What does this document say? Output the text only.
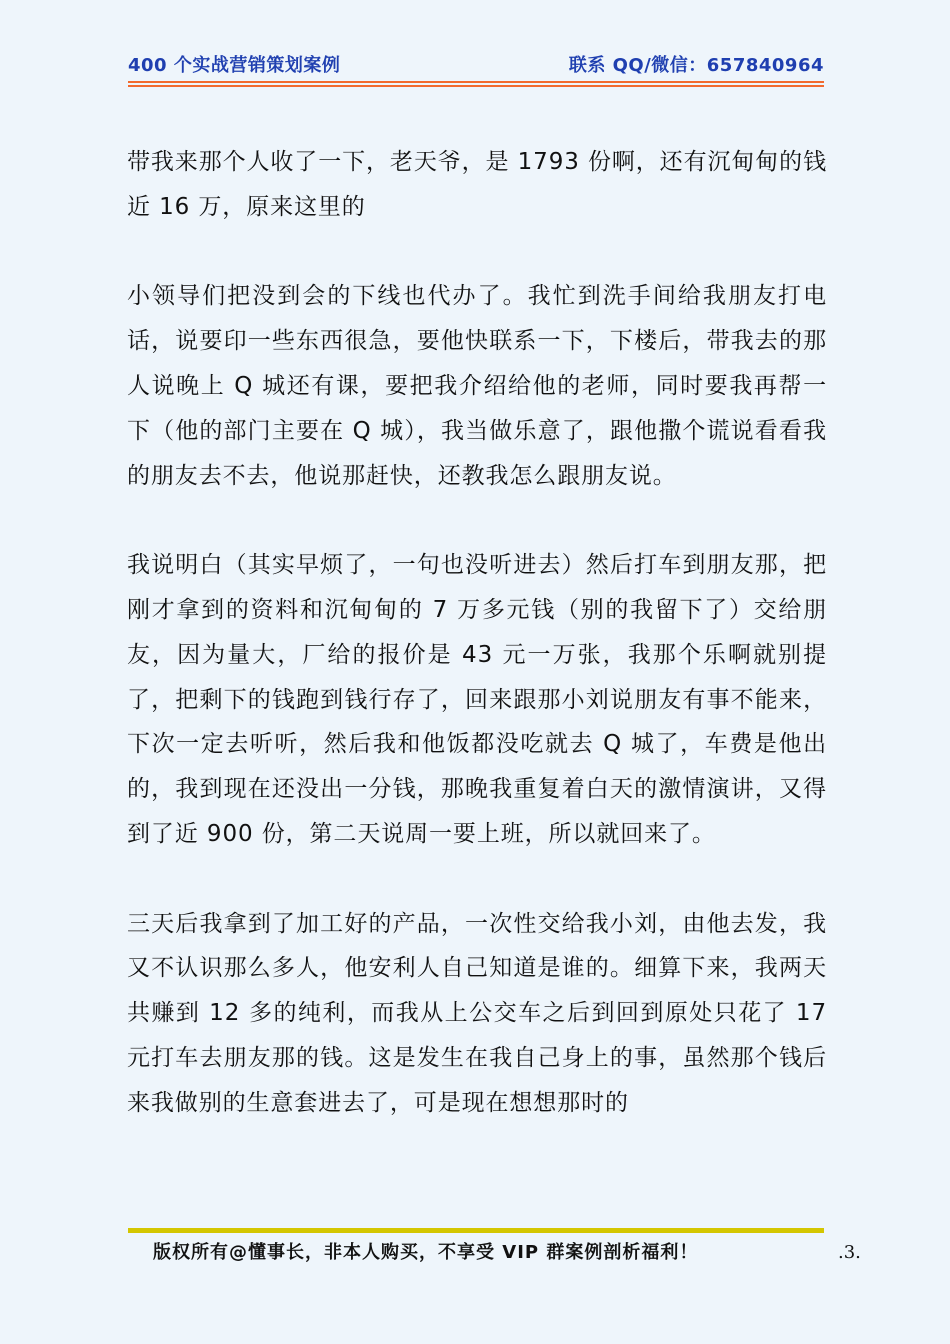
400 个实战营销策划案例	联系 QQ/微信：657840964

带我来那个人收了一下，老天爷，是 1793 份啊，还有沉甸甸的钱近 16 万，原来这里的

小领导们把没到会的下线也代办了。我忙到洗手间给我朋友打电话，说要印一些东西很急，要他快联系一下，下楼后，带我去的那人说晚上 Q 城还有课，要把我介绍给他的老师，同时要我再帮一下（他的部门主要在 Q 城），我当做乐意了，跟他撒个谎说看看我的朋友去不去，他说那赶快，还教我怎么跟朋友说。

我说明白（其实早烦了，一句也没听进去）然后打车到朋友那，把刚才拿到的资料和沉甸甸的 7 万多元钱（别的我留下了）交给朋友，因为量大，厂给的报价是 43 元一万张，我那个乐啊就别提了，把剩下的钱跑到钱行存了，回来跟那小刘说朋友有事不能来，下次一定去听听，然后我和他饭都没吃就去 Q 城了，车费是他出的，我到现在还没出一分钱，那晚我重复着白天的激情演讲，又得到了近 900 份，第二天说周一要上班，所以就回来了。

三天后我拿到了加工好的产品，一次性交给我小刘，由他去发，我又不认识那么多人，他安利人自己知道是谁的。细算下来，我两天共赚到 12 多的纯利，而我从上公交车之后到回到原处只花了 17 元打车去朋友那的钱。这是发生在我自己身上的事，虽然那个钱后来我做别的生意套进去了，可是现在想想那时的

版权所有@懂事长，非本人购买，不享受 VIP 群案例剖析福利！	.3.
